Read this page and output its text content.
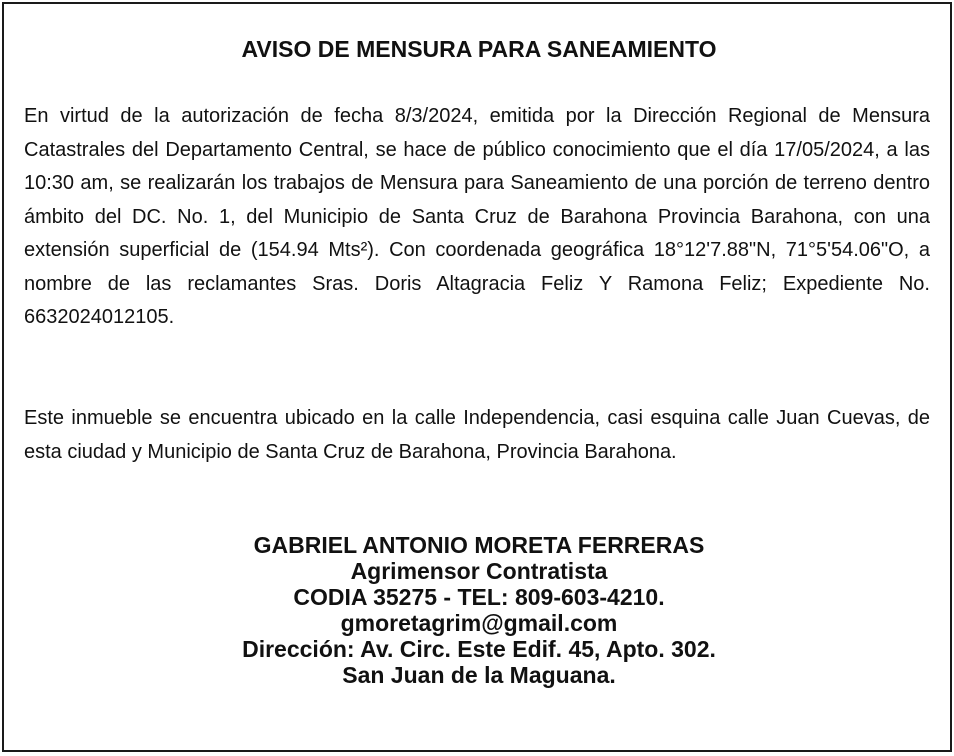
AVISO DE MENSURA PARA SANEAMIENTO

En virtud de la autorización de fecha 8/3/2024, emitida por la Dirección Regional de Mensura Catastrales del Departamento Central, se hace de público conocimiento que el día 17/05/2024, a las 10:30 am, se realizarán los trabajos de Mensura para Saneamiento de una porción de terreno dentro ámbito del DC. No. 1, del Municipio de Santa Cruz de Barahona Provincia Barahona, con una extensión superficial de (154.94 Mts²). Con coordenada geográfica 18°12'7.88"N, 71°5'54.06"O, a nombre de las reclamantes Sras. Doris Altagracia Feliz Y Ramona Feliz; Expediente No. 6632024012105.

Este inmueble se encuentra ubicado en la calle Independencia, casi esquina calle Juan Cuevas, de esta ciudad y Municipio de Santa Cruz de Barahona, Provincia Barahona.

GABRIEL ANTONIO MORETA FERRERAS
Agrimensor Contratista
CODIA 35275 - TEL: 809-603-4210.
gmoretagrim@gmail.com
Dirección: Av. Circ. Este Edif. 45, Apto. 302.
San Juan de la Maguana.
